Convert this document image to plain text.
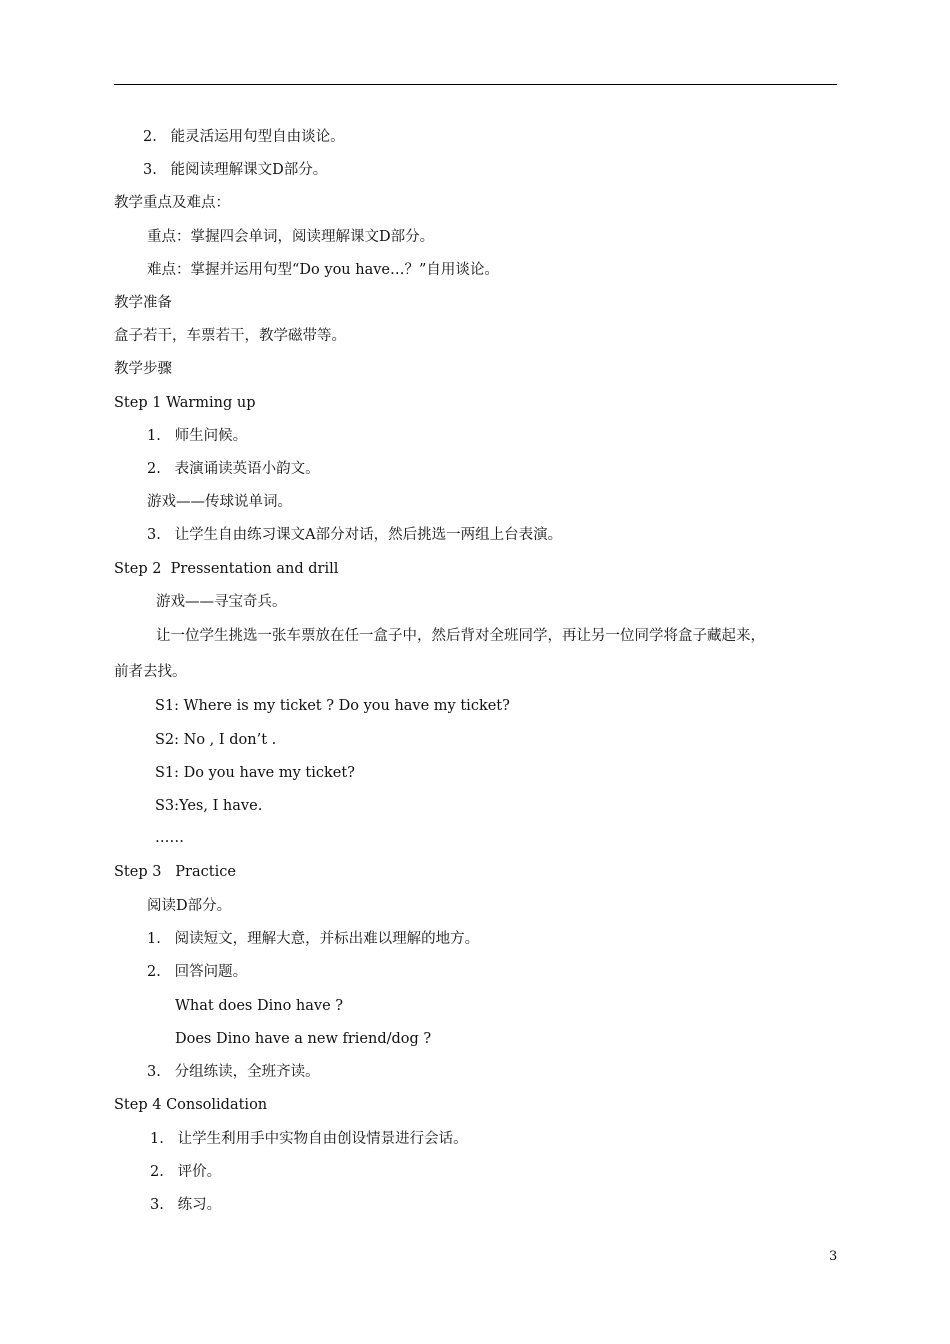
2.   能灵活运用句型自由谈论。
3.   能阅读理解课文D部分。
教学重点及难点：
重点：掌握四会单词，阅读理解课文D部分。
难点：掌握并运用句型“Do you have…？”自用谈论。
教学准备
盒子若干，车票若干，教学磁带等。
教学步骤
Step 1 Warming up
1.   师生问候。
2.   表演诵读英语小韵文。
游戏——传球说单词。
3.   让学生自由练习课文A部分对话，然后挑选一两组上台表演。
Step 2  Pressentation and drill
游戏——寻宝奇兵。
让一位学生挑选一张车票放在任一盒子中，然后背对全班同学，再让另一位同学将盒子藏起来，
前者去找。
S1: Where is my ticket ? Do you have my ticket?
S2: No , I don’t .
S1: Do you have my ticket?
S3:Yes, I have.
……
Step 3   Practice
阅读D部分。
1.   阅读短文，理解大意，并标出难以理解的地方。
2.   回答问题。
What does Dino have ?
Does Dino have a new friend/dog ?
3.   分组练读，全班齐读。
Step 4 Consolidation
1.   让学生利用手中实物自由创设情景进行会话。
2.   评价。
3.   练习。
3
